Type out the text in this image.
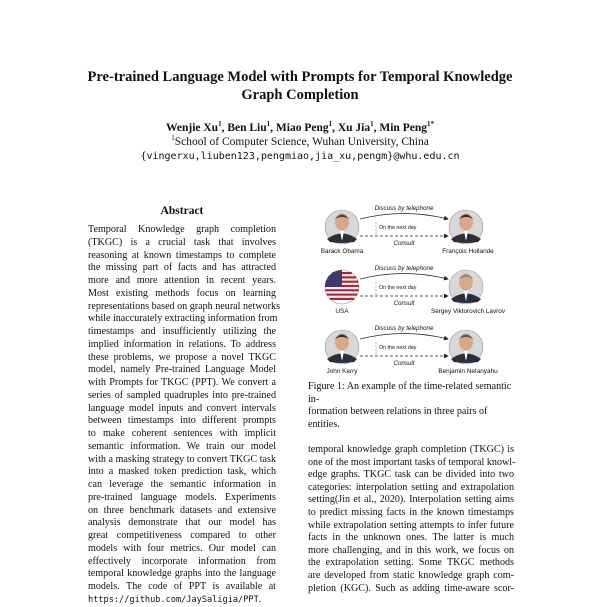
Pre-trained Language Model with Prompts for Temporal Knowledge
Graph Completion
Wenjie Xu$^1$, Ben Liu$^1$, Miao Peng$^1$, Xu Jia$^1$, Min Peng$^{1*}$
$^1$School of Computer Science, Wuhan University, China
{vingerxu,liuben123,pengmiao,jia_xu,pengm}@whu.edu.cn
Abstract
Temporal Knowledge graph completion
(TKGC) is a crucial task that involves
reasoning at known timestamps to complete
the missing part of facts and has attracted
more and more attention in recent years.
Most existing methods focus on learning
representations based on graph neural networks
while inaccurately extracting information from
timestamps and insufficiently utilizing the
implied information in relations. To address
these problems, we propose a novel TKGC
model, namely Pre-trained Language Model
with Prompts for TKGC (PPT). We convert a
series of sampled quadruples into pre-trained
language model inputs and convert intervals
between timestamps into different prompts
to make coherent sentences with implicit
semantic information. We train our model
with a masking strategy to convert TKGC task
into a masked token prediction task, which
can leverage the semantic information in
pre-trained language models. Experiments
on three benchmark datasets and extensive
analysis demonstrate that our model has
great competitiveness compared to other
models with four metrics. Our model can
effectively incorporate information from
temporal knowledge graphs into the language
models. The code of PPT is available at
https://github.com/JaySaligia/PPT.
Barack Obama	François Hollande
Discuss by telephone
On the next day
Consult
USA	Sergey Viktorovich Lavrov
Discuss by telephone
On the next day
Consult
John Kerry	Benjamin Netanyahu
Discuss by telephone
On the next day
Consult
Figure 1: An example of the time-related semantic in-
formation between relations in three pairs of entities.
temporal knowledge graph completion (TKGC) is
one of the most important tasks of temporal knowl-
edge graphs. TKGC task can be divided into two
categories: interpolation setting and extrapolation
setting(Jin et al., 2020). Interpolation setting aims
to predict missing facts in the known timestamps
while extrapolation setting attempts to infer future
facts in the unknown ones. The latter is much
more challenging, and in this work, we focus on
the extrapolation setting. Some TKGC methods
are developed from static knowledge graph com-
pletion (KGC). Such as adding time-aware scor-
